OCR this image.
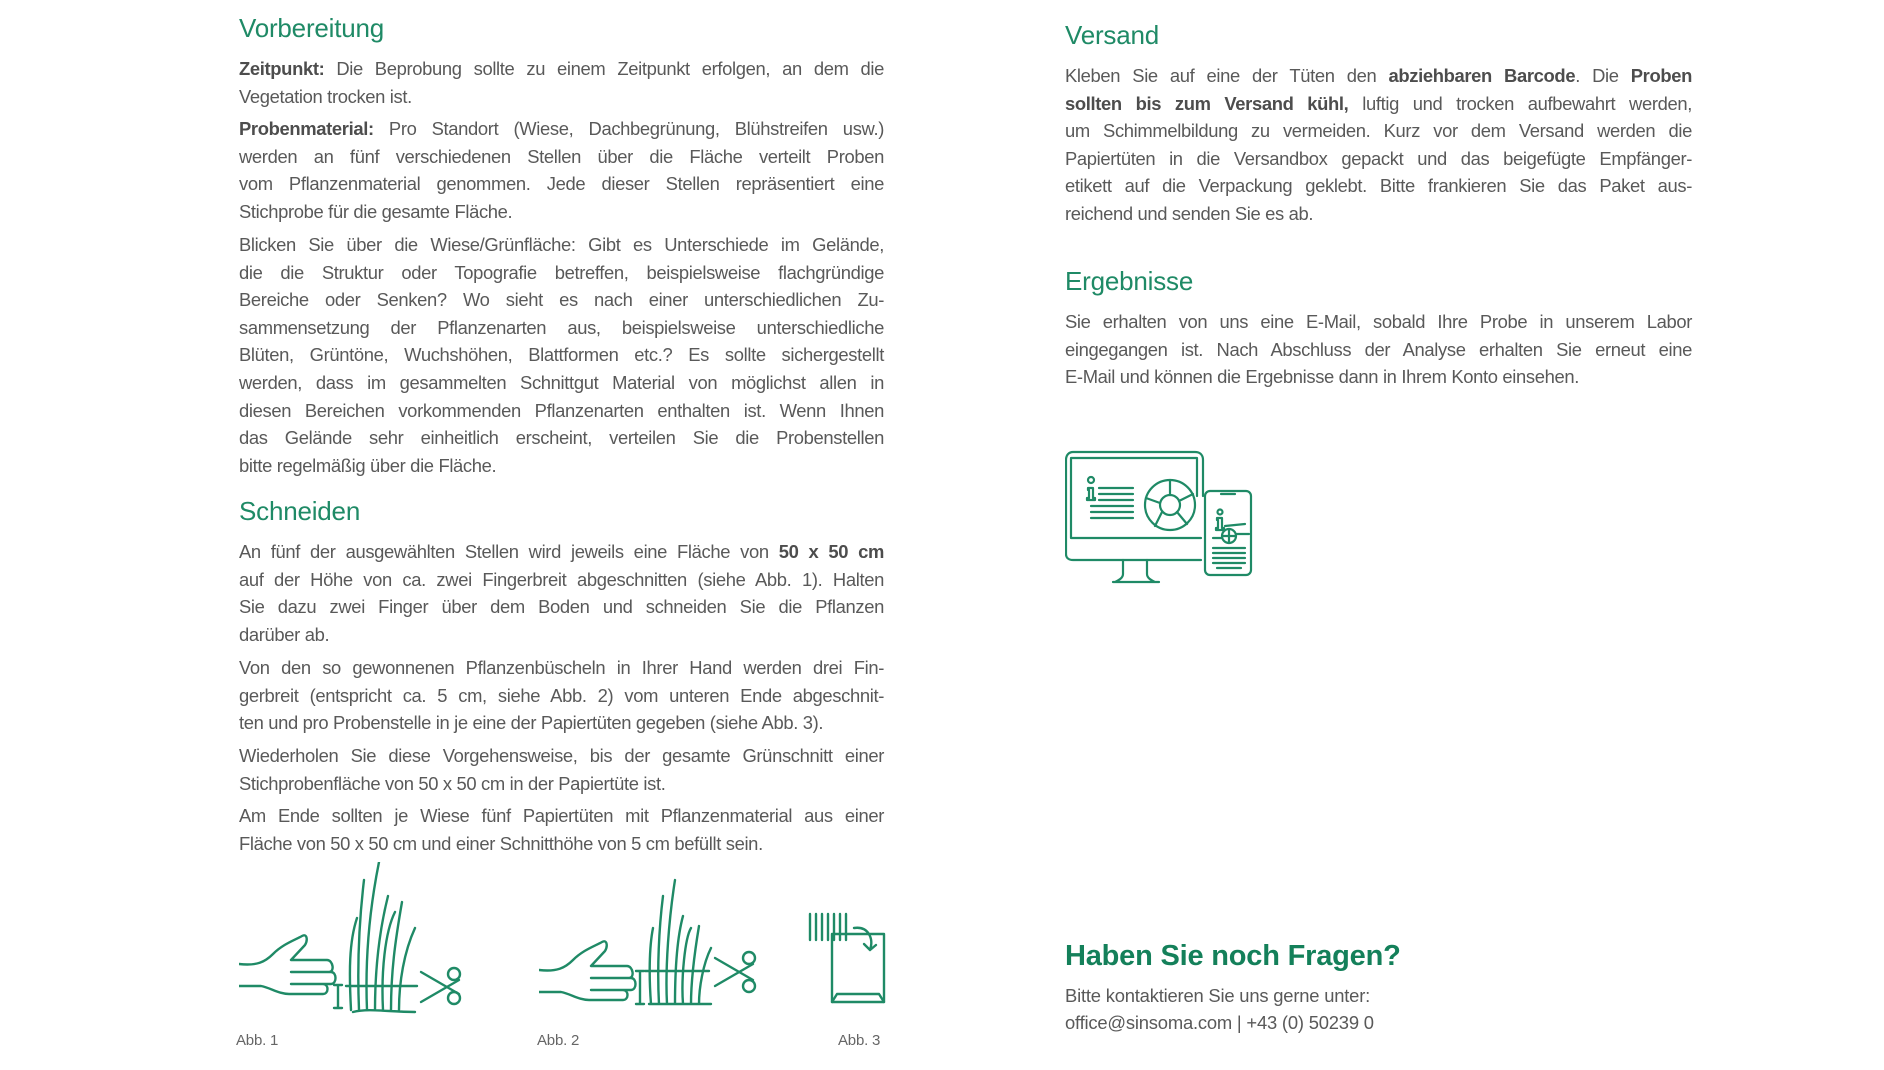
Vorbereitung
Zeitpunkt: Die Beprobung sollte zu einem Zeitpunkt erfolgen, an dem die
Vegetation trocken ist.
Probenmaterial: Pro Standort (Wiese, Dachbegrünung, Blühstreifen usw.)
werden an fünf verschiedenen Stellen über die Fläche verteilt Proben
vom Pflanzenmaterial genommen. Jede dieser Stellen repräsentiert eine
Stichprobe für die gesamte Fläche.
Blicken Sie über die Wiese/Grünfläche: Gibt es Unterschiede im Gelände,
die die Struktur oder Topografie betreffen, beispielsweise flachgründige
Bereiche oder Senken? Wo sieht es nach einer unterschiedlichen Zu-
sammensetzung der Pflanzenarten aus, beispielsweise unterschiedliche
Blüten, Grüntöne, Wuchshöhen, Blattformen etc.? Es sollte sichergestellt
werden, dass im gesammelten Schnittgut Material von möglichst allen in
diesen Bereichen vorkommenden Pflanzenarten enthalten ist. Wenn Ihnen
das Gelände sehr einheitlich erscheint, verteilen Sie die Probenstellen
bitte regelmäßig über die Fläche.
Schneiden
An fünf der ausgewählten Stellen wird jeweils eine Fläche von 50 x 50 cm
auf der Höhe von ca. zwei Fingerbreit abgeschnitten (siehe Abb. 1). Halten
Sie dazu zwei Finger über dem Boden und schneiden Sie die Pflanzen
darüber ab.
Von den so gewonnenen Pflanzenbüscheln in Ihrer Hand werden drei Fin-
gerbreit (entspricht ca. 5 cm, siehe Abb. 2) vom unteren Ende abgeschnit-
ten und pro Probenstelle in je eine der Papiertüten gegeben (siehe Abb. 3).
Wiederholen Sie diese Vorgehensweise, bis der gesamte Grünschnitt einer
Stichprobenfläche von 50 x 50 cm in der Papiertüte ist.
Am Ende sollten je Wiese fünf Papiertüten mit Pflanzenmaterial aus einer
Fläche von 50 x 50 cm und einer Schnitthöhe von 5 cm befüllt sein.
Abb. 1	Abb. 2	Abb. 3
Versand
Kleben Sie auf eine der Tüten den abziehbaren Barcode. Die Proben
sollten bis zum Versand kühl, luftig und trocken aufbewahrt werden,
um Schimmelbildung zu vermeiden. Kurz vor dem Versand werden die
Papiertüten in die Versandbox gepackt und das beigefügte Empfänger-
etikett auf die Verpackung geklebt. Bitte frankieren Sie das Paket aus-
reichend und senden Sie es ab.
Ergebnisse
Sie erhalten von uns eine E-Mail, sobald Ihre Probe in unserem Labor
eingegangen ist. Nach Abschluss der Analyse erhalten Sie erneut eine
E-Mail und können die Ergebnisse dann in Ihrem Konto einsehen.
Haben Sie noch Fragen?
Bitte kontaktieren Sie uns gerne unter:
office@sinsoma.com | +43 (0) 50239 0
